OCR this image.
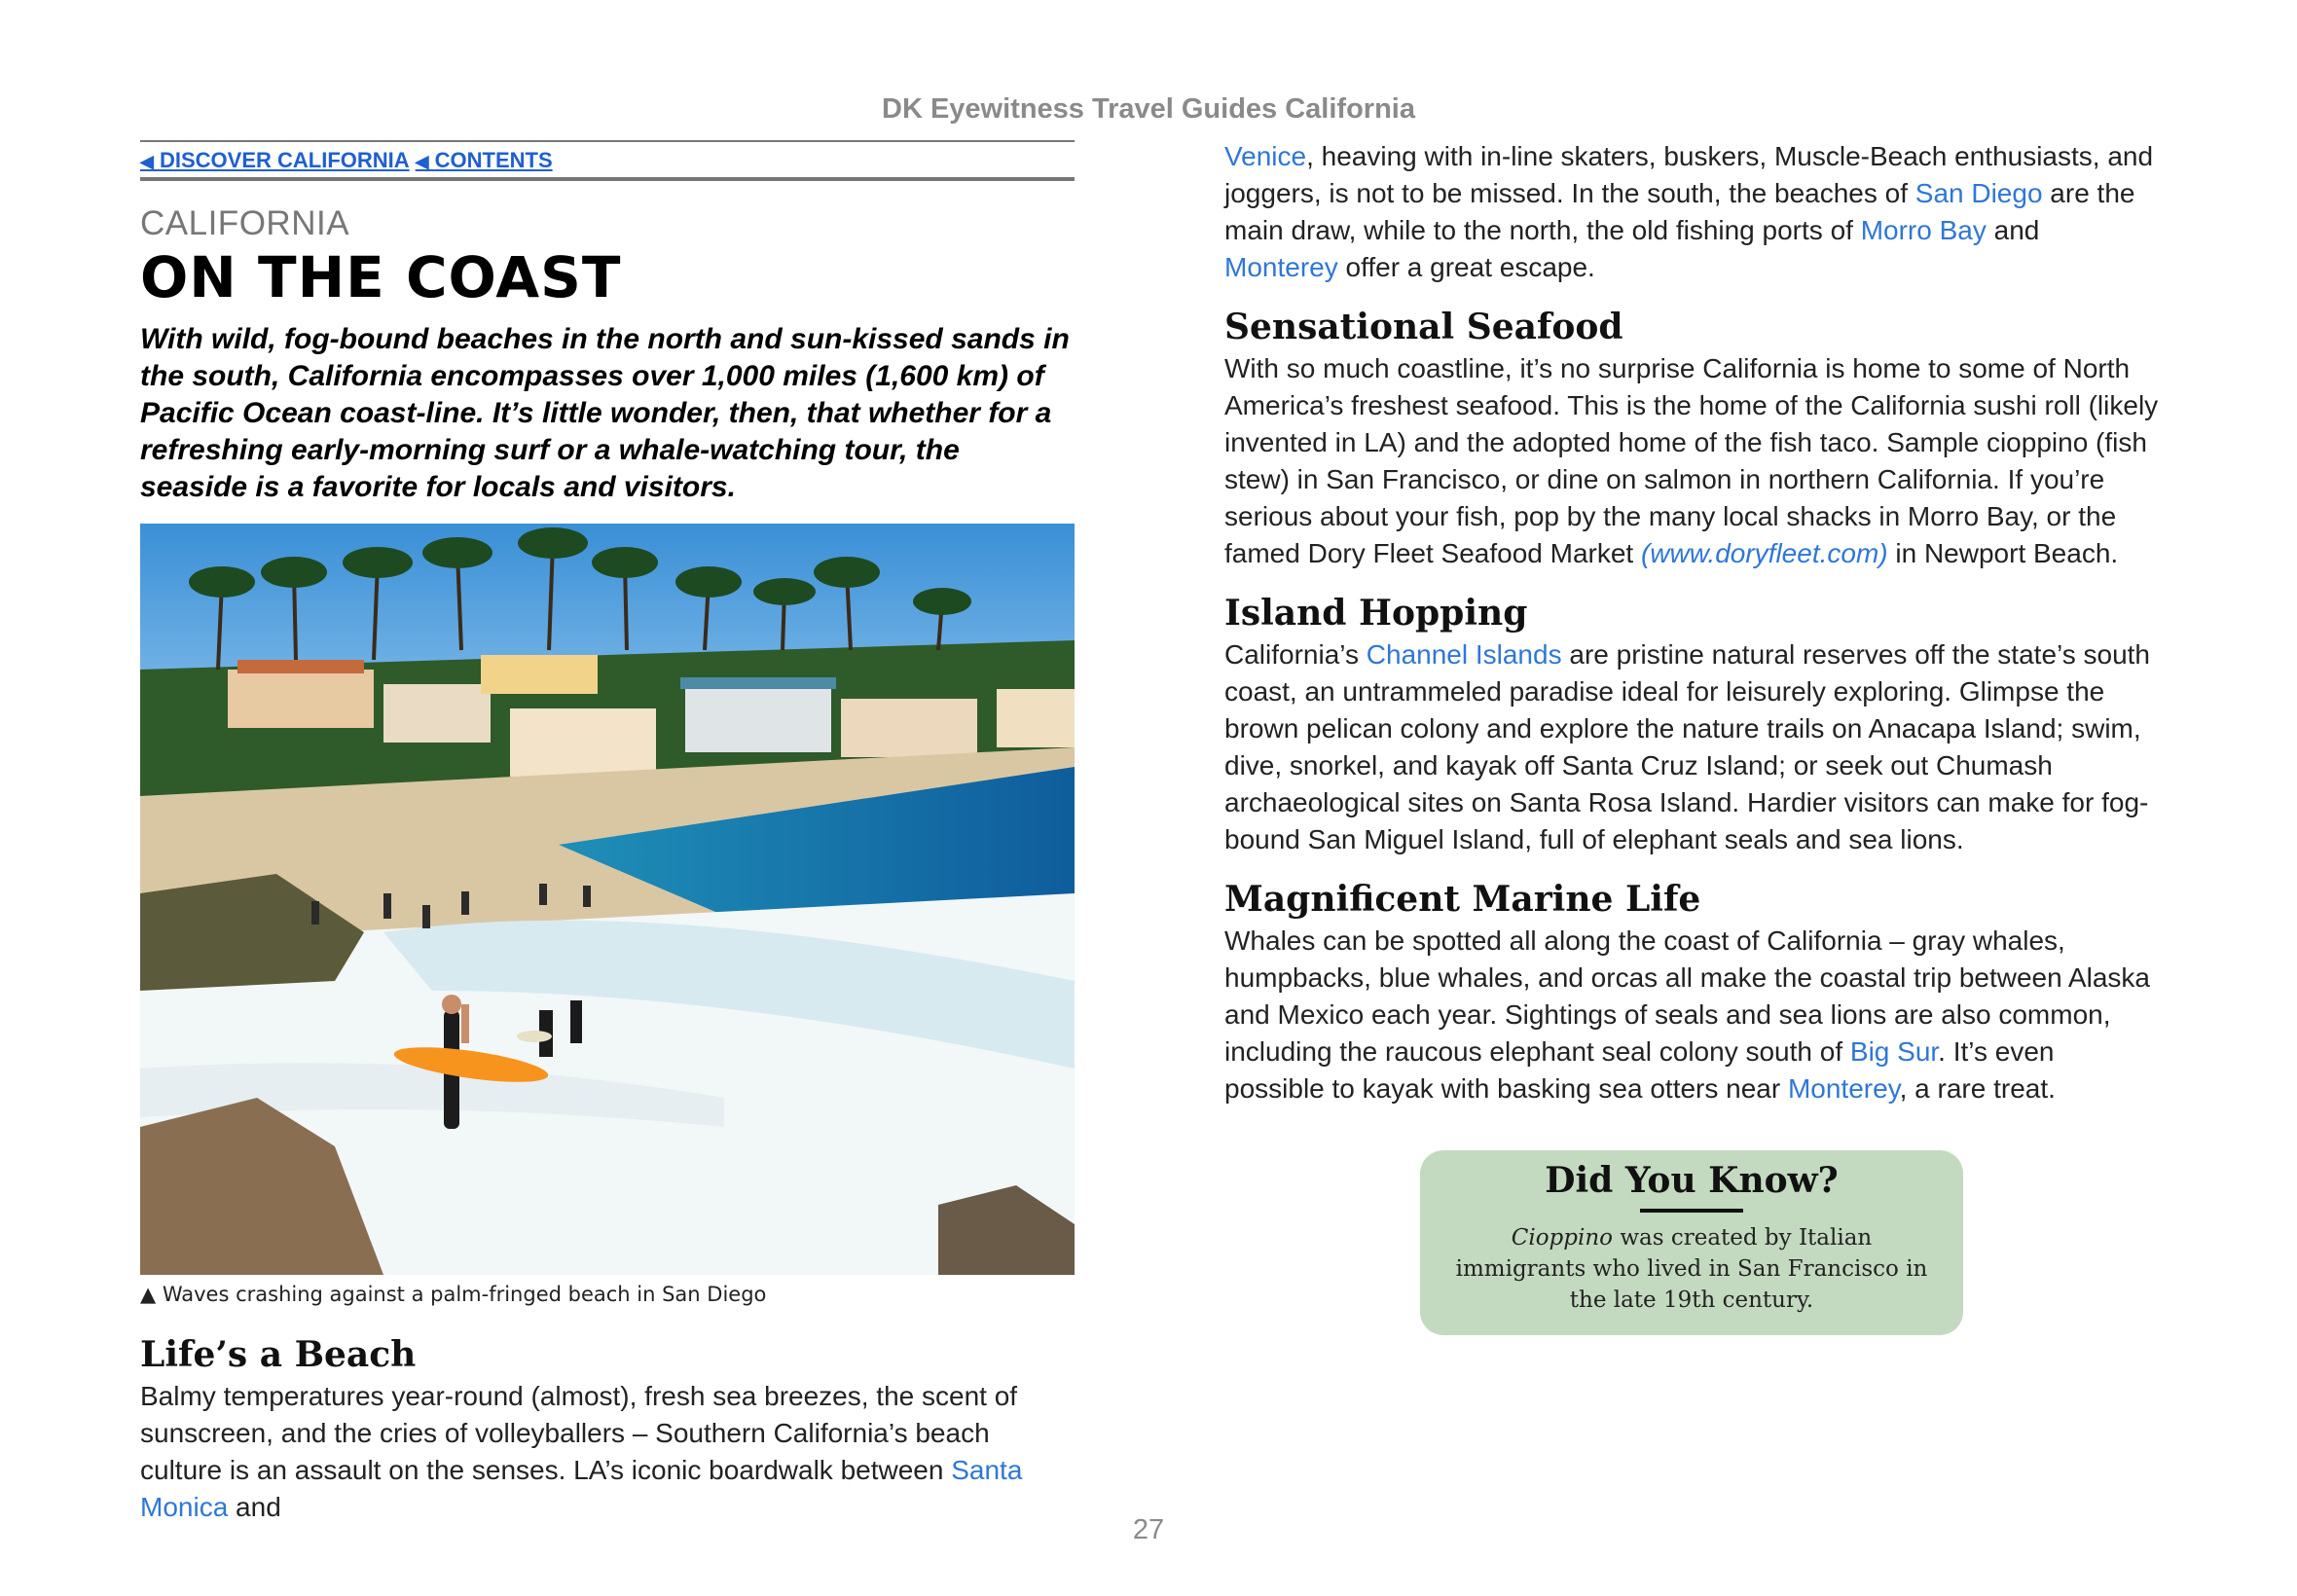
DK Eyewitness Travel Guides California
◀ DISCOVER CALIFORNIA ◀ CONTENTS
CALIFORNIA
ON THE COAST
With wild, fog-bound beaches in the north and sun-kissed sands in the south, California encompasses over 1,000 miles (1,600 km) of Pacific Ocean coast-line. It’s little wonder, then, that whether for a refreshing early-morning surf or a whale-watching tour, the seaside is a favorite for locals and visitors.
▲ Waves crashing against a palm-fringed beach in San Diego
Life’s a Beach

Balmy temperatures year-round (almost), fresh sea breezes, the scent of sunscreen, and the cries of volleyballers – Southern California’s beach culture is an assault on the senses. LA’s iconic boardwalk between Santa Monica and

Venice, heaving with in-line skaters, buskers, Muscle-Beach enthusiasts, and joggers, is not to be missed. In the south, the beaches of San Diego are the main draw, while to the north, the old fishing ports of Morro Bay and Monterey offer a great escape.

Sensational Seafood

With so much coastline, it’s no surprise California is home to some of North America’s freshest seafood. This is the home of the California sushi roll (likely invented in LA) and the adopted home of the fish taco. Sample cioppino (fish stew) in San Francisco, or dine on salmon in northern California. If you’re serious about your fish, pop by the many local shacks in Morro Bay, or the famed Dory Fleet Seafood Market (www.doryfleet.com) in Newport Beach.

Island Hopping

California’s Channel Islands are pristine natural reserves off the state’s south coast, an untrammeled paradise ideal for leisurely exploring. Glimpse the brown pelican colony and explore the nature trails on Anacapa Island; swim, dive, snorkel, and kayak off Santa Cruz Island; or seek out Chumash archaeological sites on Santa Rosa Island. Hardier visitors can make for fog-bound San Miguel Island, full of elephant seals and sea lions.

Magnificent Marine Life

Whales can be spotted all along the coast of California – gray whales, humpbacks, blue whales, and orcas all make the coastal trip between Alaska and Mexico each year. Sightings of seals and sea lions are also common, including the raucous elephant seal colony south of Big Sur. It’s even possible to kayak with basking sea otters near Monterey, a rare treat.

Did You Know?

Cioppino was created by Italian immigrants who lived in San Francisco in the late 19th century.

27
